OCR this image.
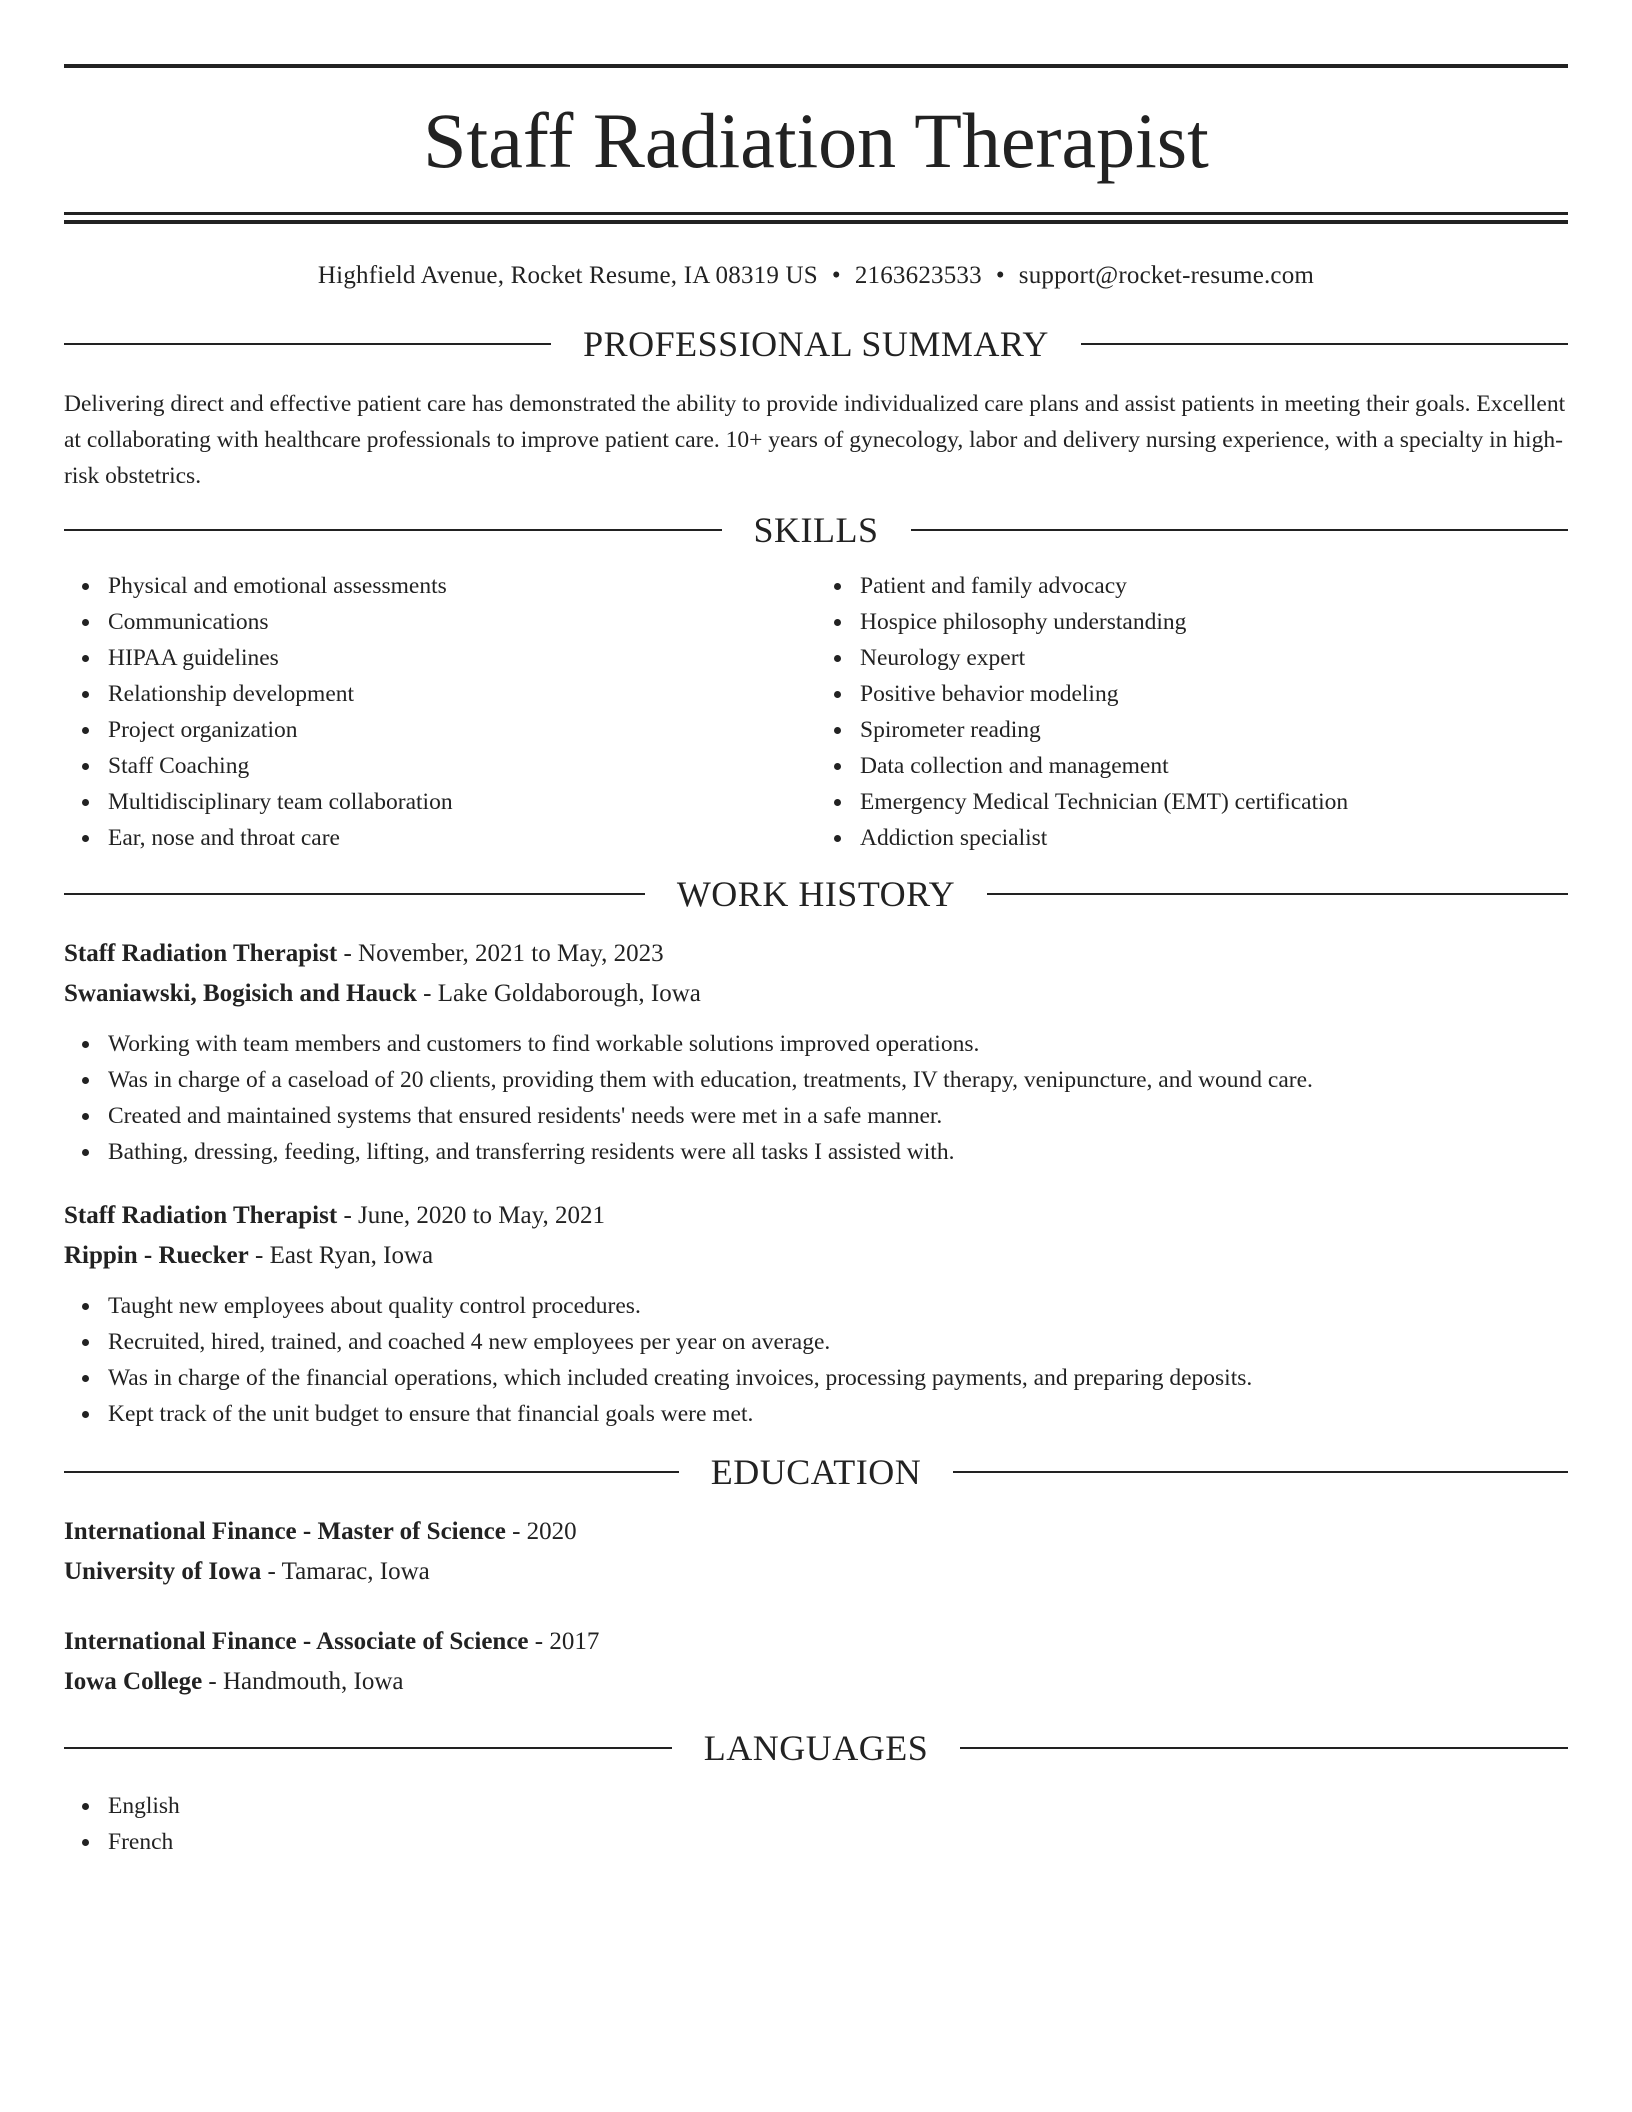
Staff Radiation Therapist
Highfield Avenue, Rocket Resume, IA 08319 US • 2163623533 • support@rocket-resume.com
PROFESSIONAL SUMMARY

Delivering direct and effective patient care has demonstrated the ability to provide individualized care plans and assist patients in meeting their goals. Excellent at collaborating with healthcare professionals to improve patient care. 10+ years of gynecology, labor and delivery nursing experience, with a specialty in high-risk obstetrics.

SKILLS
Physical and emotional assessments
Communications
HIPAA guidelines
Relationship development
Project organization
Staff Coaching
Multidisciplinary team collaboration
Ear, nose and throat care
Patient and family advocacy
Hospice philosophy understanding
Neurology expert
Positive behavior modeling
Spirometer reading
Data collection and management
Emergency Medical Technician (EMT) certification
Addiction specialist
WORK HISTORY
Staff Radiation Therapist - November, 2021 to May, 2023
Swaniawski, Bogisich and Hauck - Lake Goldaborough, Iowa
Working with team members and customers to find workable solutions improved operations.
Was in charge of a caseload of 20 clients, providing them with education, treatments, IV therapy, venipuncture, and wound care.
Created and maintained systems that ensured residents' needs were met in a safe manner.
Bathing, dressing, feeding, lifting, and transferring residents were all tasks I assisted with.
Staff Radiation Therapist - June, 2020 to May, 2021
Rippin - Ruecker - East Ryan, Iowa
Taught new employees about quality control procedures.
Recruited, hired, trained, and coached 4 new employees per year on average.
Was in charge of the financial operations, which included creating invoices, processing payments, and preparing deposits.
Kept track of the unit budget to ensure that financial goals were met.
EDUCATION
International Finance - Master of Science - 2020
University of Iowa - Tamarac, Iowa
International Finance - Associate of Science - 2017
Iowa College - Handmouth, Iowa
LANGUAGES
English
French
